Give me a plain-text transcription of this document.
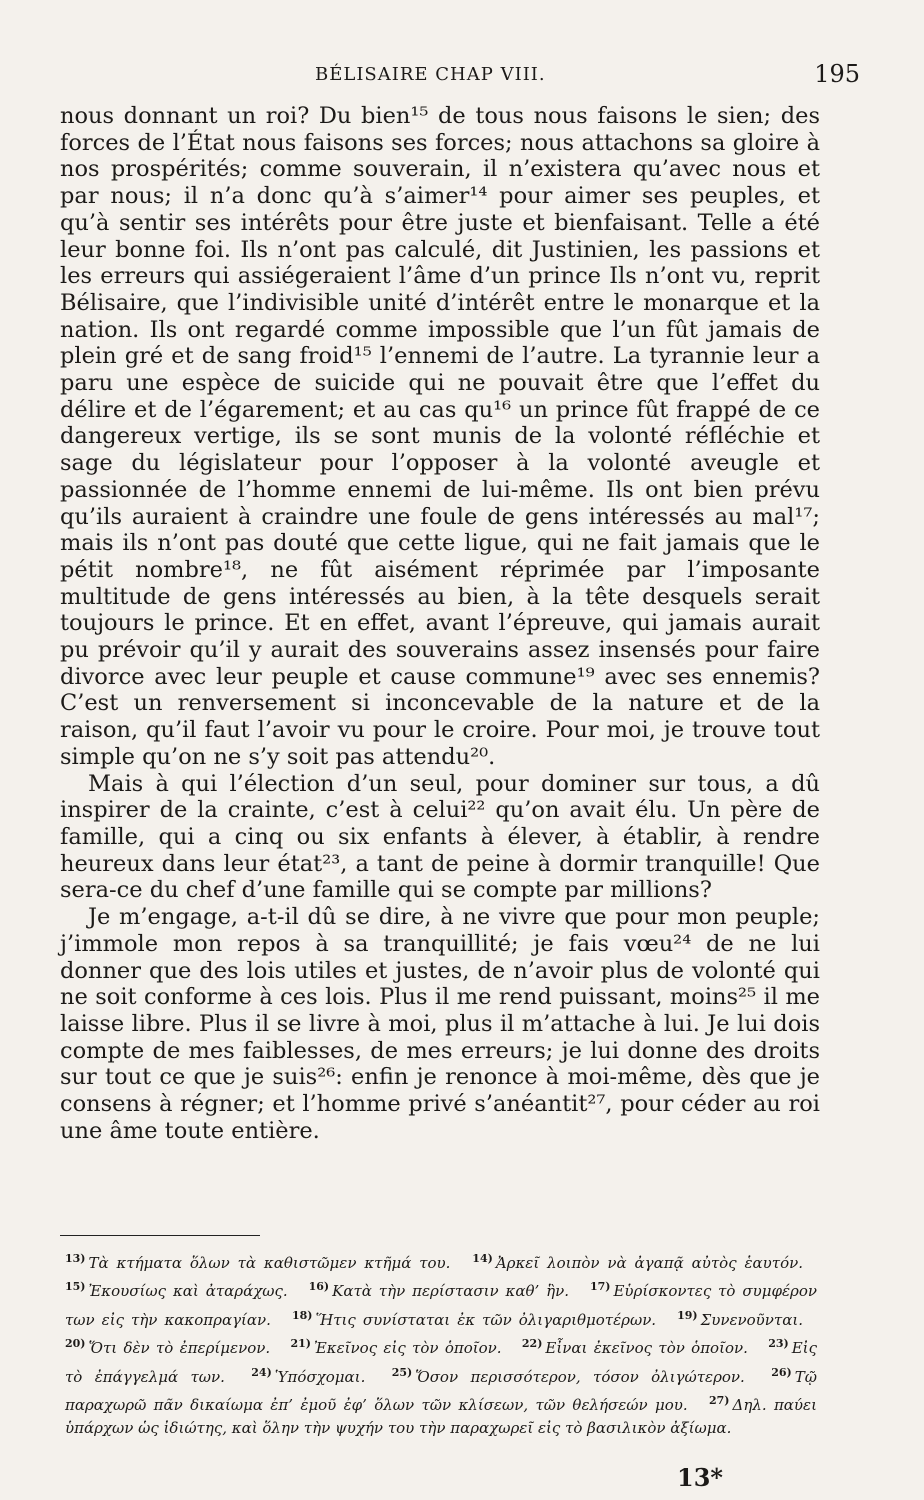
BÉLISAIRE CHAP VIII.	195

nous donnant un roi? Du bien¹⁵ de tous nous faisons le sien; des forces de l’État nous faisons ses forces; nous attachons sa gloire à nos prospérités; comme souverain, il n’existera qu’avec nous et par nous; il n’a donc qu’à s’aimer¹⁴ pour aimer ses peuples, et qu’à sentir ses intérêts pour être juste et bienfaisant. Telle a été leur bonne foi. Ils n’ont pas calculé, dit Justinien, les passions et les erreurs qui assiégeraient l’âme d’un prince Ils n’ont vu, reprit Bélisaire, que l’indivisible unité d’intérêt entre le monarque et la nation. Ils ont regardé comme impossible que l’un fût jamais de plein gré et de sang froid¹⁵ l’ennemi de l’autre. La tyrannie leur a paru une espèce de suicide qui ne pouvait être que l’effet du délire et de l’égarement; et au cas qu¹⁶ un prince fût frappé de ce dangereux vertige, ils se sont munis de la volonté réfléchie et sage du législateur pour l’opposer à la volonté aveugle et passionnée de l’homme ennemi de lui-même. Ils ont bien prévu qu’ils auraient à craindre une foule de gens intéressés au mal¹⁷; mais ils n’ont pas douté que cette ligue, qui ne fait jamais que le pétit nombre¹⁸, ne fût aisément réprimée par l’imposante multitude de gens intéressés au bien, à la tête desquels serait toujours le prince. Et en effet, avant l’épreuve, qui jamais aurait pu prévoir qu’il y aurait des souverains assez insensés pour faire divorce avec leur peuple et cause commune¹⁹ avec ses ennemis? C’est un renversement si inconcevable de la nature et de la raison, qu’il faut l’avoir vu pour le croire. Pour moi, je trouve tout simple qu’on ne s’y soit pas attendu²⁰.

Mais à qui l’élection d’un seul, pour dominer sur tous, a dû inspirer de la crainte, c’est à celui²² qu’on avait élu. Un père de famille, qui a cinq ou six enfants à élever, à établir, à rendre heureux dans leur état²³, a tant de peine à dormir tranquille! Que sera-ce du chef d’une famille qui se compte par millions?

Je m’engage, a-t-il dû se dire, à ne vivre que pour mon peuple; j’immole mon repos à sa tranquillité; je fais vœu²⁴ de ne lui donner que des lois utiles et justes, de n’avoir plus de volonté qui ne soit conforme à ces lois. Plus il me rend puissant, moins²⁵ il me laisse libre. Plus il se livre à moi, plus il m’attache à lui. Je lui dois compte de mes faiblesses, de mes erreurs; je lui donne des droits sur tout ce que je suis²⁶: enfin je renonce à moi-même, dès que je consens à régner; et l’homme privé s’anéantit²⁷, pour céder au roi une âme toute entière.

$^{13)}$ Τὰ κτήματα ὅλων τὰ καθιστῶμεν κτῆμά του. $^{14)}$ Ἀρκεῖ λοιπὸν νὰ ἀγαπᾷ αὐτὸς ἑαυτόν. $^{15)}$ Ἐκουσίως καὶ ἀταράχως. $^{16)}$ Κατὰ τὴν περίστασιν καθ’ ἣν. $^{17)}$ Εὑρίσκοντες τὸ συμφέρον των εἰς τὴν κακοπραγίαν. $^{18)}$ Ἥτις συνίσταται ἐκ τῶν ὀλιγαριθμοτέρων. $^{19)}$ Συνενοῦνται. $^{20)}$ Ὅτι δὲν τὸ ἐπερίμενον. $^{21)}$ Ἐκεῖνος εἰς τὸν ὁποῖον. $^{22)}$ Εἶναι ἐκεῖνος τὸν ὁποῖον. $^{23)}$ Εἰς τὸ ἐπάγγελμά των. $^{24)}$ Ὑπόσχομαι. $^{25)}$ Ὅσον περισσότερον, τόσον ὀλιγώτερον. $^{26)}$ Τῷ παραχωρῶ πᾶν δικαίωμα ἐπ’ ἐμοῦ ἐφ’ ὅλων τῶν κλίσεων, τῶν θελήσεών μου. $^{27)}$ Δηλ. παύει ὑπάρχων ὡς ἰδιώτης, καὶ ὅλην τὴν ψυχήν του τὴν παραχωρεῖ εἰς τὸ βασιλικὸν ἀξίωμα.
13*
